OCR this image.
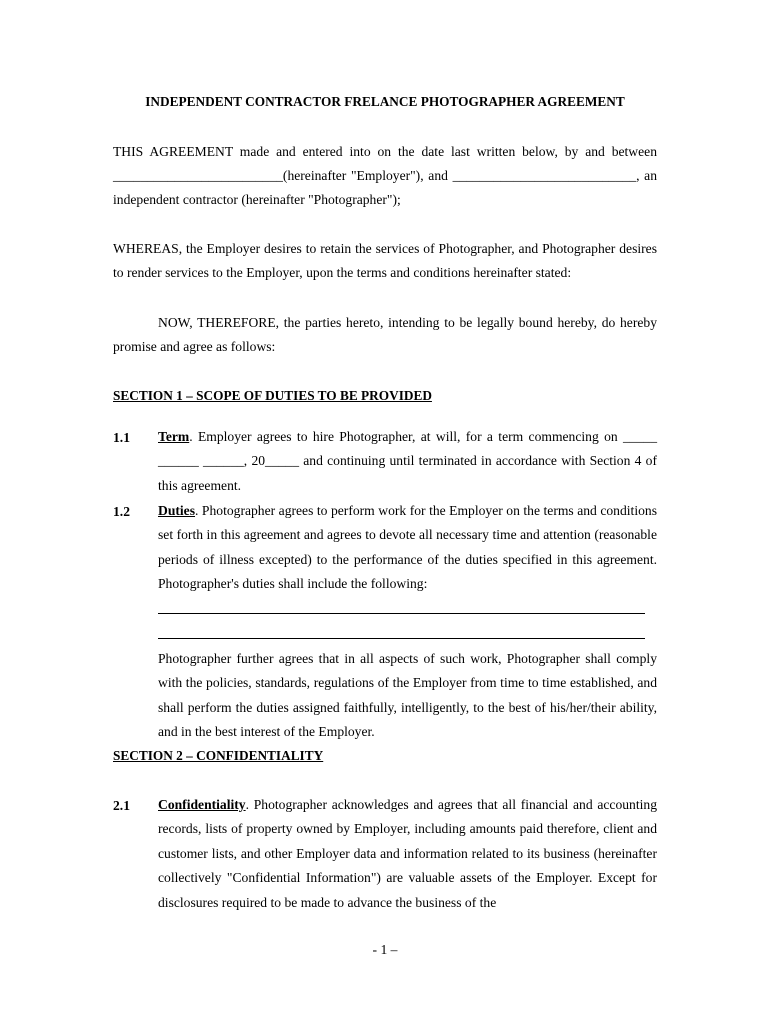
INDEPENDENT CONTRACTOR FRELANCE PHOTOGRAPHER AGREEMENT

THIS AGREEMENT made and entered into on the date last written below, by and between

_________________________(hereinafter "Employer"), and ___________________________, an

independent contractor (hereinafter "Photographer");

WHEREAS, the Employer desires to retain the services of Photographer, and Photographer desires to render services to the Employer, upon the terms and conditions hereinafter stated:

NOW, THEREFORE, the parties hereto, intending to be legally bound hereby, do hereby promise and agree as follows:

SECTION 1 – SCOPE OF DUTIES TO BE PROVIDED
1.1 Term. Employer agrees to hire Photographer, at will, for a term commencing on _____ ______ ______, 20_____ and continuing until terminated in accordance with Section 4 of this agreement.

1.2 Duties. Photographer agrees to perform work for the Employer on the terms and conditions set forth in this agreement and agrees to devote all necessary time and attention (reasonable periods of illness excepted) to the performance of the duties specified in this agreement. Photographer's duties shall include the following:

Photographer further agrees that in all aspects of such work, Photographer shall comply with the policies, standards, regulations of the Employer from time to time established, and shall perform the duties assigned faithfully, intelligently, to the best of his/her/their ability, and in the best interest of the Employer.

SECTION 2 – CONFIDENTIALITY
2.1 Confidentiality. Photographer acknowledges and agrees that all financial and accounting records, lists of property owned by Employer, including amounts paid therefore, client and customer lists, and other Employer data and information related to its business (hereinafter collectively "Confidential Information") are valuable assets of the Employer. Except for disclosures required to be made to advance the business of the

- 1 –
